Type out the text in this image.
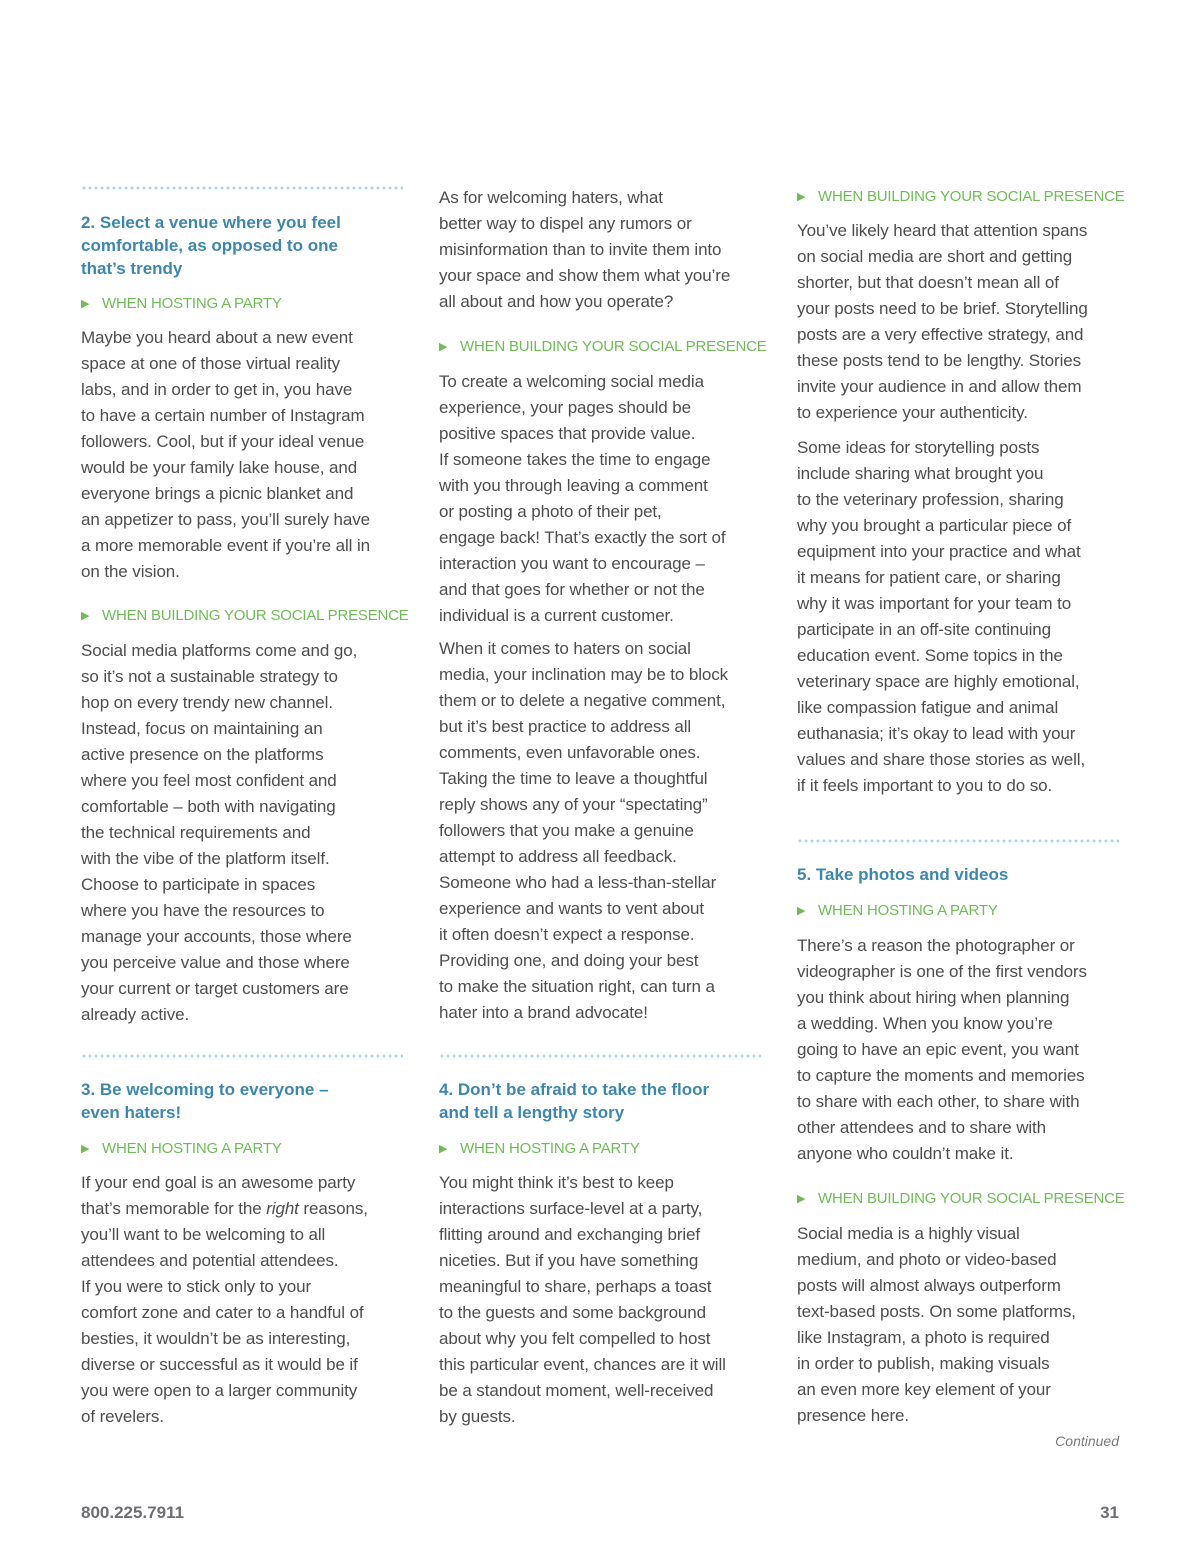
2. Select a venue where you feel
comfortable, as opposed to one
that’s trendy

▶ WHEN HOSTING A PARTY

Maybe you heard about a new event
space at one of those virtual reality
labs, and in order to get in, you have
to have a certain number of Instagram
followers. Cool, but if your ideal venue
would be your family lake house, and
everyone brings a picnic blanket and
an appetizer to pass, you’ll surely have
a more memorable event if you’re all in
on the vision.

▶ WHEN BUILDING YOUR SOCIAL PRESENCE

Social media platforms come and go,
so it’s not a sustainable strategy to
hop on every trendy new channel.
Instead, focus on maintaining an
active presence on the platforms
where you feel most confident and
comfortable – both with navigating
the technical requirements and
with the vibe of the platform itself.
Choose to participate in spaces
where you have the resources to
manage your accounts, those where
you perceive value and those where
your current or target customers are
already active.

3. Be welcoming to everyone –
even haters!

▶ WHEN HOSTING A PARTY

If your end goal is an awesome party
that’s memorable for the right reasons,
you’ll want to be welcoming to all
attendees and potential attendees.
If you were to stick only to your
comfort zone and cater to a handful of
besties, it wouldn’t be as interesting,
diverse or successful as it would be if
you were open to a larger community
of revelers.

As for welcoming haters, what
better way to dispel any rumors or
misinformation than to invite them into
your space and show them what you’re
all about and how you operate?

▶ WHEN BUILDING YOUR SOCIAL PRESENCE

To create a welcoming social media
experience, your pages should be
positive spaces that provide value.
If someone takes the time to engage
with you through leaving a comment
or posting a photo of their pet,
engage back! That’s exactly the sort of
interaction you want to encourage –
and that goes for whether or not the
individual is a current customer.

When it comes to haters on social
media, your inclination may be to block
them or to delete a negative comment,
but it’s best practice to address all
comments, even unfavorable ones.
Taking the time to leave a thoughtful
reply shows any of your “spectating”
followers that you make a genuine
attempt to address all feedback.
Someone who had a less-than-stellar
experience and wants to vent about
it often doesn’t expect a response.
Providing one, and doing your best
to make the situation right, can turn a
hater into a brand advocate!

4. Don’t be afraid to take the floor
and tell a lengthy story

▶ WHEN HOSTING A PARTY

You might think it’s best to keep
interactions surface-level at a party,
flitting around and exchanging brief
niceties. But if you have something
meaningful to share, perhaps a toast
to the guests and some background
about why you felt compelled to host
this particular event, chances are it will
be a standout moment, well-received
by guests.

▶ WHEN BUILDING YOUR SOCIAL PRESENCE

You’ve likely heard that attention spans
on social media are short and getting
shorter, but that doesn’t mean all of
your posts need to be brief. Storytelling
posts are a very effective strategy, and
these posts tend to be lengthy. Stories
invite your audience in and allow them
to experience your authenticity.

Some ideas for storytelling posts
include sharing what brought you
to the veterinary profession, sharing
why you brought a particular piece of
equipment into your practice and what
it means for patient care, or sharing
why it was important for your team to
participate in an off-site continuing
education event. Some topics in the
veterinary space are highly emotional,
like compassion fatigue and animal
euthanasia; it’s okay to lead with your
values and share those stories as well,
if it feels important to you to do so.

5. Take photos and videos

▶ WHEN HOSTING A PARTY

There’s a reason the photographer or
videographer is one of the first vendors
you think about hiring when planning
a wedding. When you know you’re
going to have an epic event, you want
to capture the moments and memories
to share with each other, to share with
other attendees and to share with
anyone who couldn’t make it.

▶ WHEN BUILDING YOUR SOCIAL PRESENCE

Social media is a highly visual
medium, and photo or video-based
posts will almost always outperform
text-based posts. On some platforms,
like Instagram, a photo is required
in order to publish, making visuals
an even more key element of your
presence here.

Continued
800.225.7911	31
